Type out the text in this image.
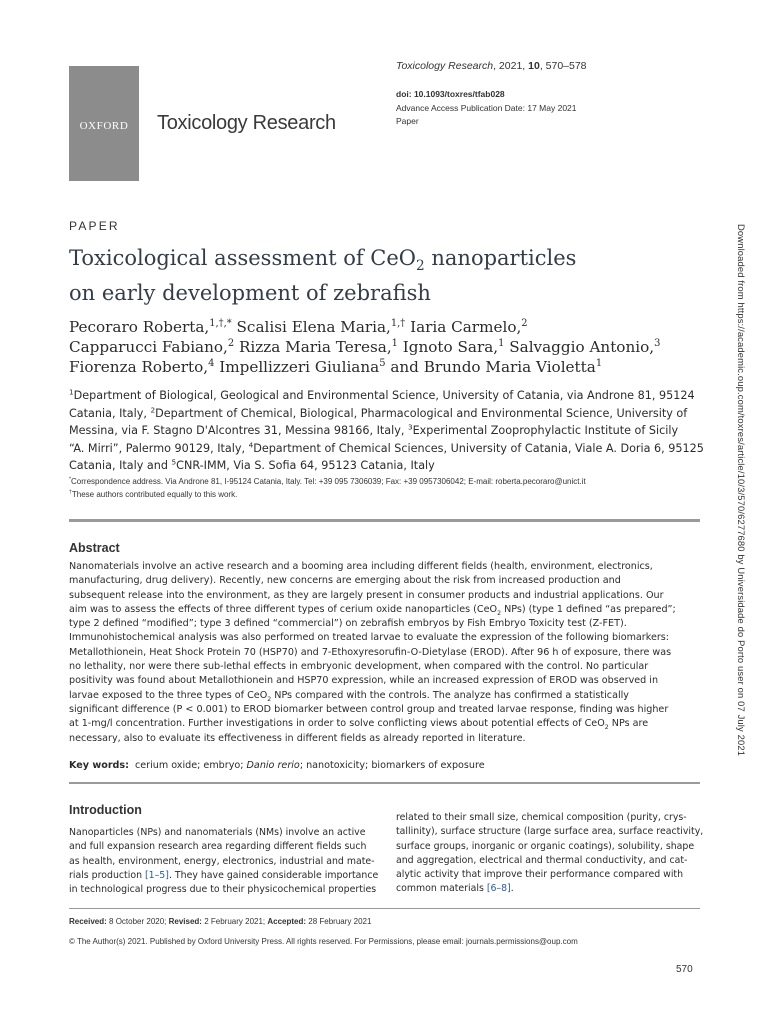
OXFORD	Toxicology Research
Toxicology Research, 2021, 10, 570–578
doi: 10.1093/toxres/tfab028
Advance Access Publication Date: 17 May 2021
Paper
PAPER
Toxicological assessment of CeO$_2$ nanoparticles
on early development of zebrafish
Pecoraro Roberta,$^{1,\dagger,*}$ Scalisi Elena Maria,$^{1,\dagger}$ Iaria Carmelo,$^2$
Capparucci Fabiano,$^2$ Rizza Maria Teresa,$^1$ Ignoto Sara,$^1$ Salvaggio Antonio,$^3$
Fiorenza Roberto,$^4$ Impellizzeri Giuliana$^5$ and Brundo Maria Violetta$^1$
$^1$Department of Biological, Geological and Environmental Science, University of Catania, via Androne 81, 95124
Catania, Italy, $^2$Department of Chemical, Biological, Pharmacological and Environmental Science, University of
Messina, via F. Stagno D'Alcontres 31, Messina 98166, Italy, $^3$Experimental Zooprophylactic Institute of Sicily
“A. Mirri”, Palermo 90129, Italy, $^4$Department of Chemical Sciences, University of Catania, Viale A. Doria 6, 95125
Catania, Italy and $^5$CNR-IMM, Via S. Sofia 64, 95123 Catania, Italy
*Correspondence address. Via Androne 81, I-95124 Catania, Italy. Tel: +39 095 7306039; Fax: +39 0957306042; E-mail: roberta.pecoraro@unict.it
†These authors contributed equally to this work.
Abstract
Nanomaterials involve an active research and a booming area including different fields (health, environment, electronics,
manufacturing, drug delivery). Recently, new concerns are emerging about the risk from increased production and
subsequent release into the environment, as they are largely present in consumer products and industrial applications. Our
aim was to assess the effects of three different types of cerium oxide nanoparticles (CeO$_2$ NPs) (type 1 defined “as prepared”;
type 2 defined “modified”; type 3 defined “commercial”) on zebrafish embryos by Fish Embryo Toxicity test (Z-FET).
Immunohistochemical analysis was also performed on treated larvae to evaluate the expression of the following biomarkers:
Metallothionein, Heat Shock Protein 70 (HSP70) and 7-Ethoxyresorufin-O-Dietylase (EROD). After 96 h of exposure, there was
no lethality, nor were there sub-lethal effects in embryonic development, when compared with the control. No particular
positivity was found about Metallothionein and HSP70 expression, while an increased expression of EROD was observed in
larvae exposed to the three types of CeO$_2$ NPs compared with the controls. The analyze has confirmed a statistically
significant difference (P < 0.001) to EROD biomarker between control group and treated larvae response, finding was higher
at 1-mg/l concentration. Further investigations in order to solve conflicting views about potential effects of CeO$_2$ NPs are
necessary, also to evaluate its effectiveness in different fields as already reported in literature.
Key words: cerium oxide; embryo; Danio rerio; nanotoxicity; biomarkers of exposure
Introduction
Nanoparticles (NPs) and nanomaterials (NMs) involve an active
and full expansion research area regarding different fields such
as health, environment, energy, electronics, industrial and mate-
rials production [1–5]. They have gained considerable importance
in technological progress due to their physicochemical properties
related to their small size, chemical composition (purity, crys-
tallinity), surface structure (large surface area, surface reactivity,
surface groups, inorganic or organic coatings), solubility, shape
and aggregation, electrical and thermal conductivity, and cat-
alytic activity that improve their performance compared with
common materials [6–8].
Received: 8 October 2020; Revised: 2 February 2021; Accepted: 28 February 2021
© The Author(s) 2021. Published by Oxford University Press. All rights reserved. For Permissions, please email: journals.permissions@oup.com
570
Downloaded from https://academic.oup.com/toxres/article/10/3/570/6277680 by Universidade do Porto user on 07 July 2021
